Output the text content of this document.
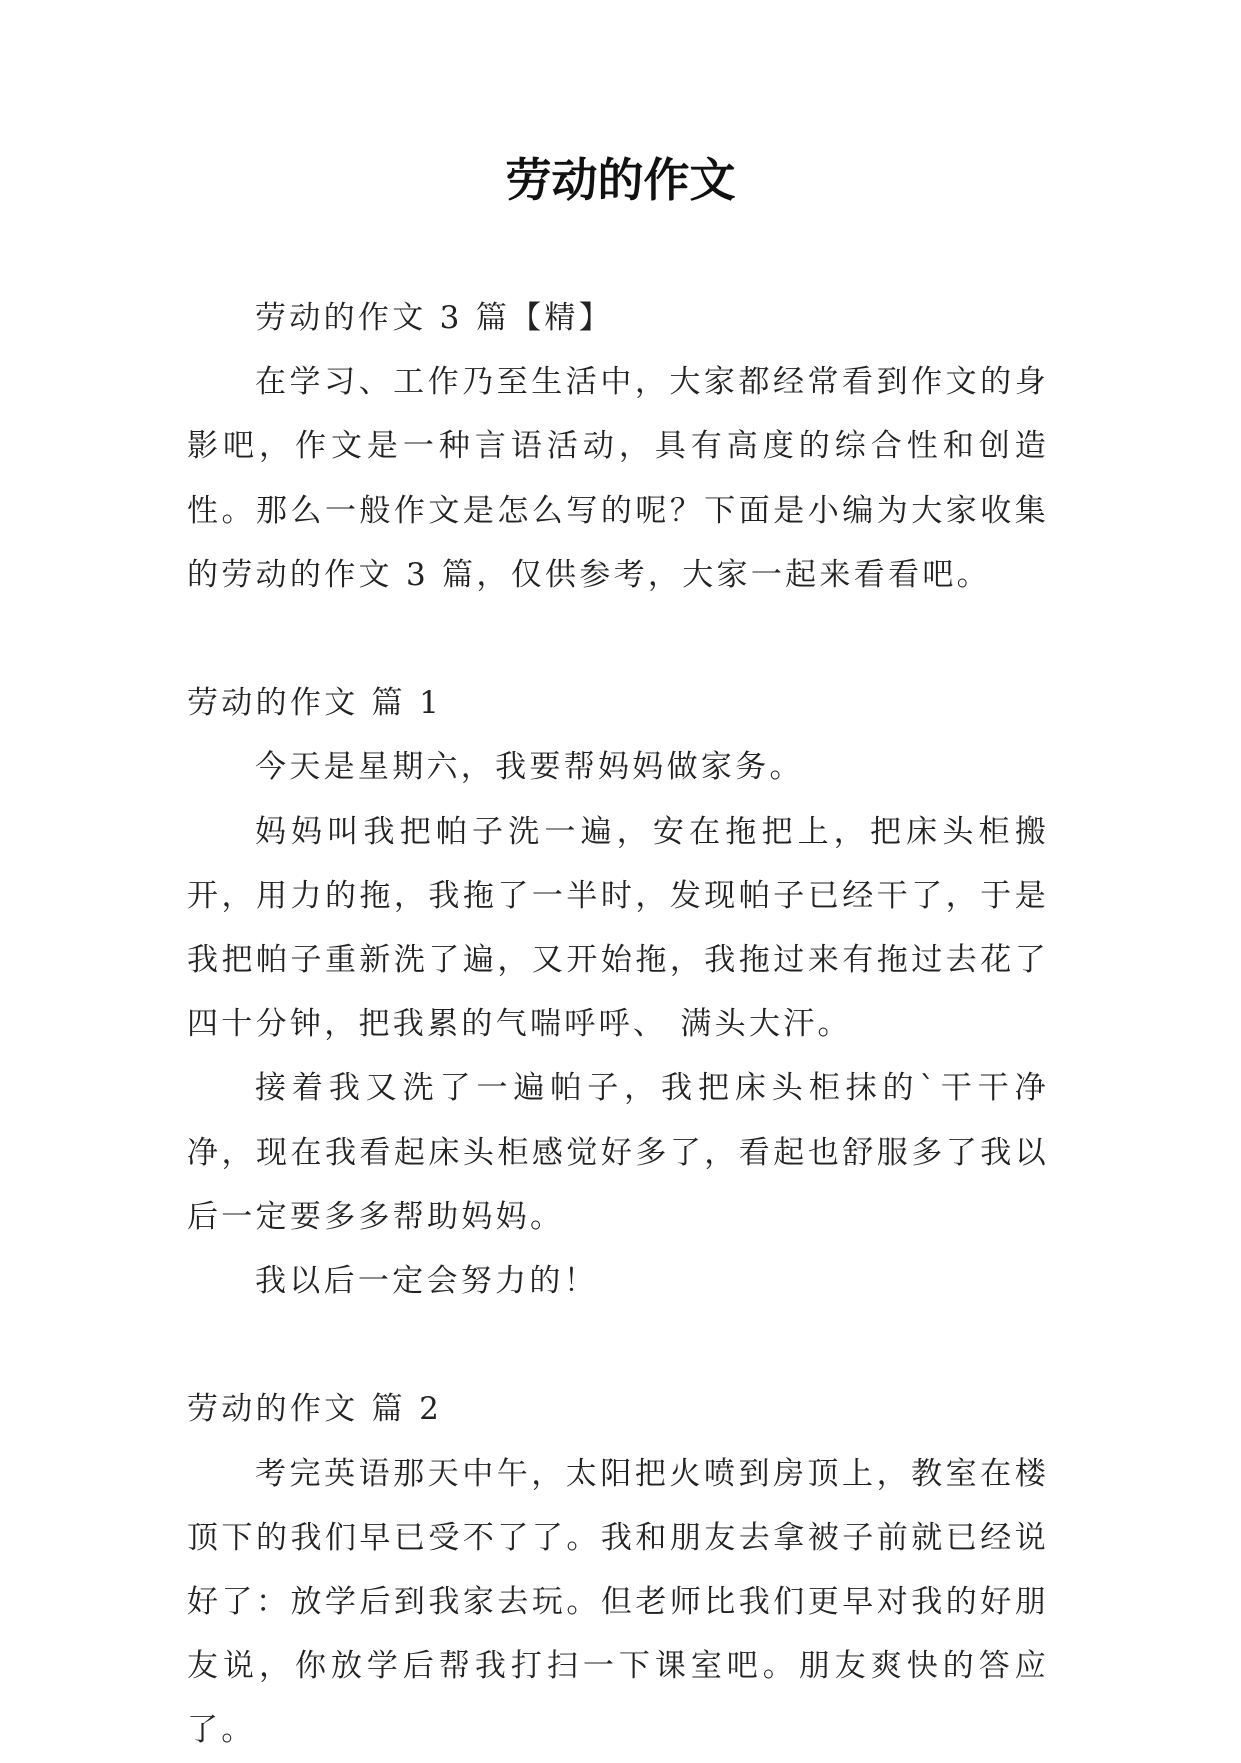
劳动的作文

劳动的作文 3 篇【精】

在学习、工作乃至生活中，大家都经常看到作文的身影吧，作文是一种言语活动，具有高度的综合性和创造性。那么一般作文是怎么写的呢？下面是小编为大家收集的劳动的作文 3 篇，仅供参考，大家一起来看看吧。

劳动的作文 篇 1

今天是星期六，我要帮妈妈做家务。

妈妈叫我把帕子洗一遍，安在拖把上，把床头柜搬开，用力的拖，我拖了一半时，发现帕子已经干了，于是我把帕子重新洗了遍，又开始拖，我拖过来有拖过去花了四十分钟，把我累的气喘呼呼、 满头大汗。

接着我又洗了一遍帕子，我把床头柜抹的`干干净净，现在我看起床头柜感觉好多了，看起也舒服多了我以后一定要多多帮助妈妈。

我以后一定会努力的！

劳动的作文 篇 2

考完英语那天中午，太阳把火喷到房顶上，教室在楼顶下的我们早已受不了了。我和朋友去拿被子前就已经说好了：放学后到我家去玩。但老师比我们更早对我的好朋友说，你放学后帮我打扫一下课室吧。朋友爽快的答应了。
